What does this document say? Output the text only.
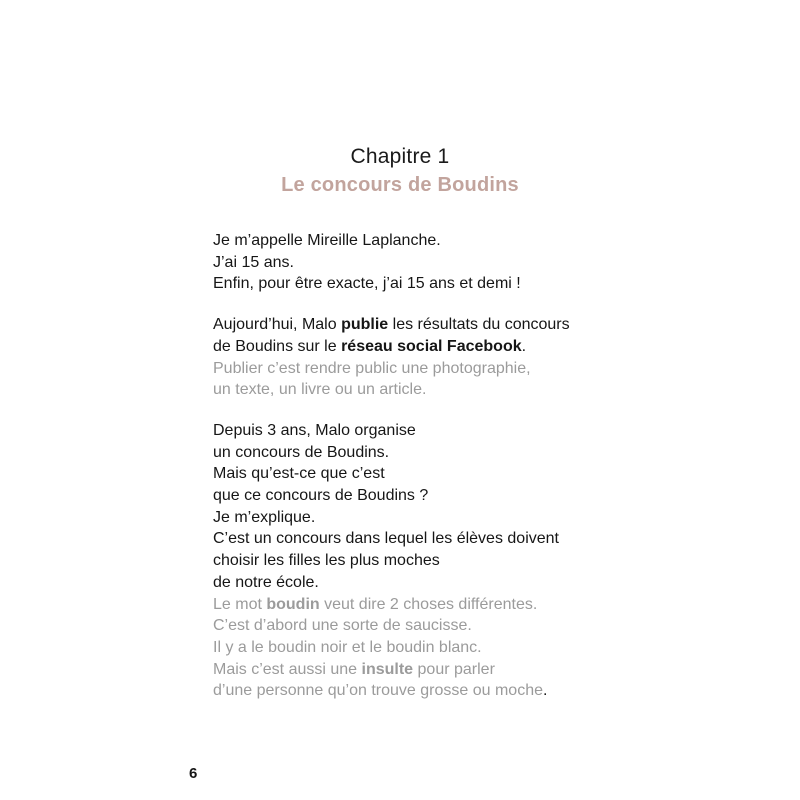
Chapitre 1
Le concours de Boudins
Je m’appelle Mireille Laplanche.
J’ai 15 ans.
Enfin, pour être exacte, j’ai 15 ans et demi !
Aujourd’hui, Malo publie les résultats du concours
de Boudins sur le réseau social Facebook.
Publier c’est rendre public une photographie,
un texte, un livre ou un article.
Depuis 3 ans, Malo organise
un concours de Boudins.
Mais qu’est-ce que c’est
que ce concours de Boudins ?
Je m’explique.
C’est un concours dans lequel les élèves doivent
choisir les filles les plus moches
de notre école.
Le mot boudin veut dire 2 choses différentes.
C’est d’abord une sorte de saucisse.
Il y a le boudin noir et le boudin blanc.
Mais c’est aussi une insulte pour parler
d’une personne qu’on trouve grosse ou moche.
6
